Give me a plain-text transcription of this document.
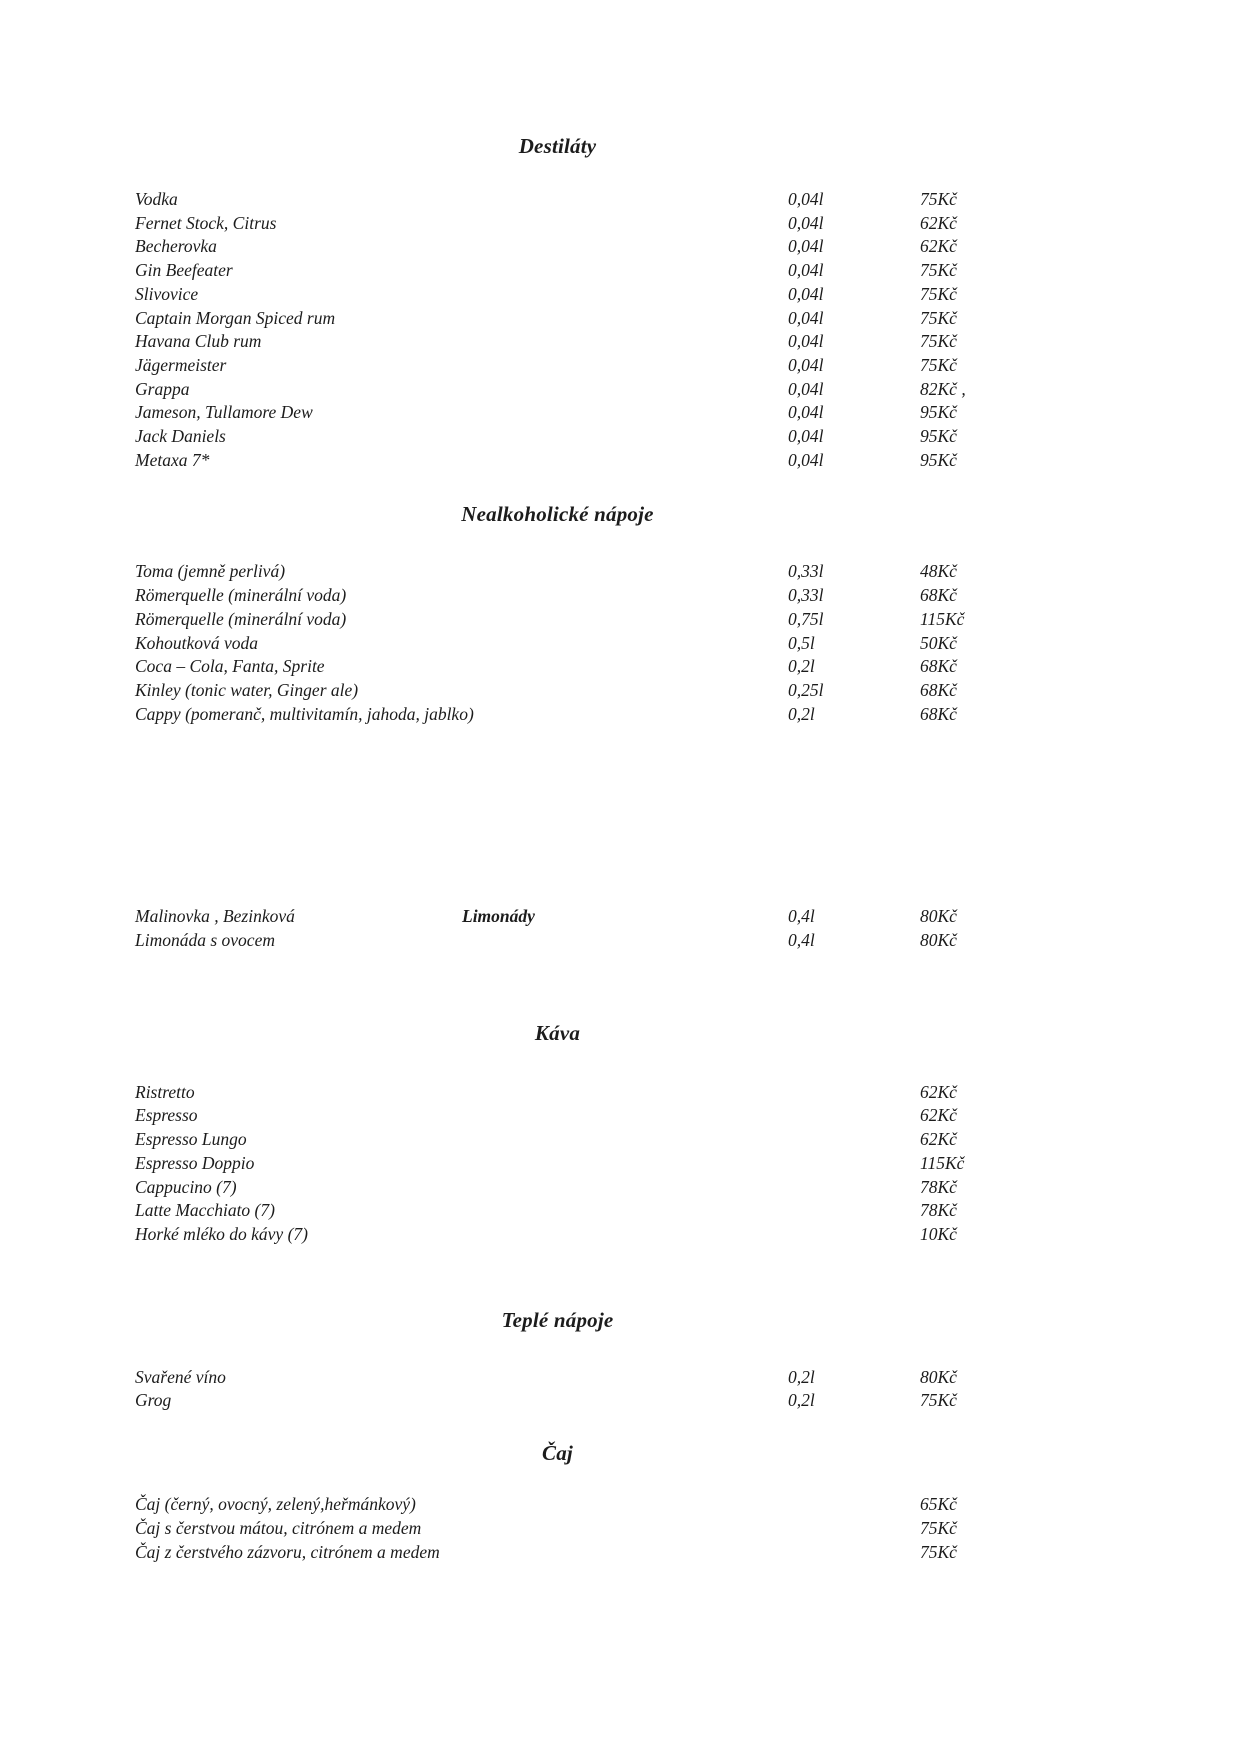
Destiláty
Vodka	0,04l	75Kč
Fernet Stock, Citrus	0,04l	62Kč
Becherovka	0,04l	62Kč
Gin Beefeater	0,04l	75Kč
Slivovice	0,04l	75Kč
Captain Morgan Spiced rum	0,04l	75Kč
Havana Club rum	0,04l	75Kč
Jägermeister	0,04l	75Kč
Grappa	0,04l	82Kč ,
Jameson, Tullamore Dew	0,04l	95Kč
Jack Daniels	0,04l	95Kč
Metaxa 7*	0,04l	95Kč
Nealkoholické nápoje
Toma (jemně perlivá)	0,33l	48Kč
Römerquelle (minerální voda)	0,33l	68Kč
Römerquelle (minerální voda)	0,75l	115Kč
Kohoutková voda	0,5l	50Kč
Coca – Cola, Fanta, Sprite	0,2l	68Kč
Kinley (tonic water, Ginger ale)	0,25l	68Kč
Cappy (pomeranč, multivitamín, jahoda, jablko)	0,2l	68Kč
Limonády
Malinovka , Bezinková	0,4l	80Kč
Limonáda s ovocem	0,4l	80Kč
Káva
Ristretto	62Kč
Espresso	62Kč
Espresso Lungo	62Kč
Espresso Doppio	115Kč
Cappucino (7)	78Kč
Latte Macchiato (7)	78Kč
Horké mléko do kávy (7)	10Kč
Teplé nápoje
Svařené víno	0,2l	80Kč
Grog	0,2l	75Kč
Čaj
Čaj (černý, ovocný, zelený,heřmánkový)	65Kč
Čaj s čerstvou mátou, citrónem a medem	75Kč
Čaj z čerstvého zázvoru, citrónem a medem	75Kč
